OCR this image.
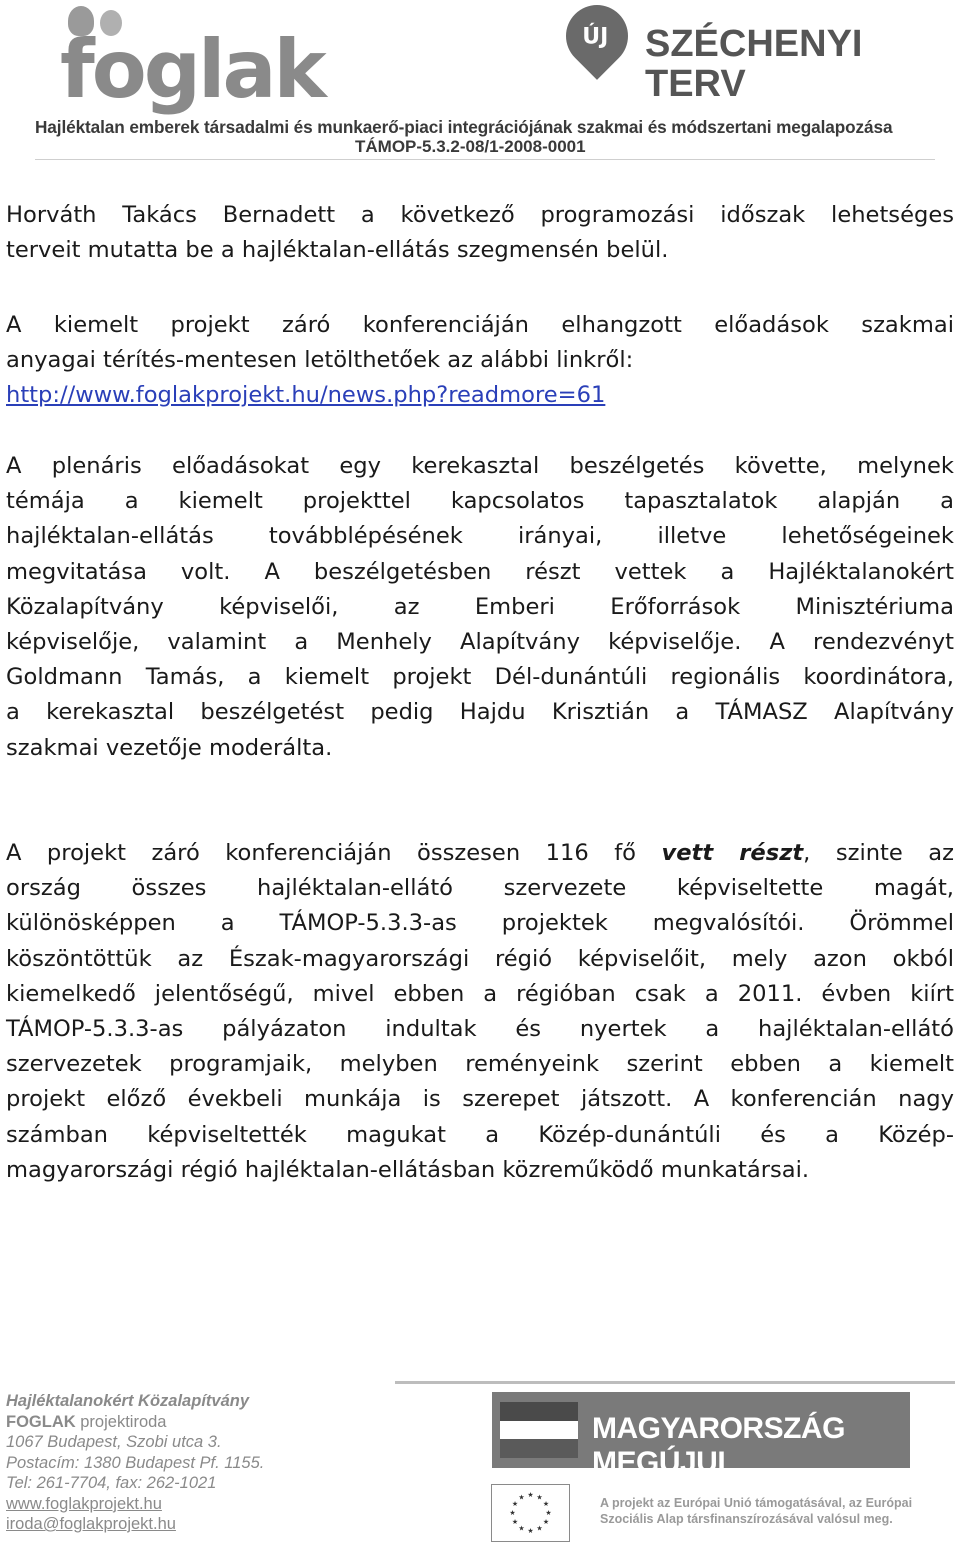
foglak	ÚJ SZÉCHENYI TERV
Hajléktalan emberek társadalmi és munkaerő-piaci integrációjának szakmai és módszertani megalapozása
TÁMOP-5.3.2-08/1-2008-0001
Horváth Takács Bernadett a következő programozási időszak lehetséges
terveit mutatta be a hajléktalan-ellátás szegmensén belül.
A kiemelt projekt záró konferenciáján elhangzott előadások szakmai
anyagai térítés-mentesen letölthetőek az alábbi linkről:
http://www.foglakprojekt.hu/news.php?readmore=61
A plenáris előadásokat egy kerekasztal beszélgetés követte, melynek
témája a kiemelt projekttel kapcsolatos tapasztalatok alapján a
hajléktalan-ellátás továbblépésének irányai, illetve lehetőségeinek
megvitatása volt. A beszélgetésben részt vettek a Hajléktalanokért
Közalapítvány képviselői, az Emberi Erőforrások Minisztériuma
képviselője, valamint a Menhely Alapítvány képviselője. A rendezvényt
Goldmann Tamás, a kiemelt projekt Dél-dunántúli regionális koordinátora,
a kerekasztal beszélgetést pedig Hajdu Krisztián a TÁMASZ Alapítvány
szakmai vezetője moderálta.
A projekt záró konferenciáján összesen 116 fő vett részt, szinte az
ország összes hajléktalan-ellátó szervezete képviseltette magát,
különösképpen a TÁMOP-5.3.3-as projektek megvalósítói. Örömmel
köszöntöttük az Észak-magyarországi régió képviselőit, mely azon okból
kiemelkedő jelentőségű, mivel ebben a régióban csak a 2011. évben kiírt
TÁMOP-5.3.3-as pályázaton indultak és nyertek a hajléktalan-ellátó
szervezetek programjaik, melyben reményeink szerint ebben a kiemelt
projekt előző évekbeli munkája is szerepet játszott. A konferencián nagy
számban képviseltették magukat a Közép-dunántúli és a Közép-
magyarországi régió hajléktalan-ellátásban közreműködő munkatársai.
Hajléktalanokért Közalapítvány
FOGLAK projektiroda
1067 Budapest, Szobi utca 3.
Postacím: 1380 Budapest Pf. 1155.
Tel: 261-7704, fax: 262-1021
www.foglakprojekt.hu
iroda@foglakprojekt.hu
MAGYARORSZÁG MEGÚJUL
★ ★
★
★
★
★
★
★
★
★
★
★	A projekt az Európai Unió támogatásával, az Európai
Szociális Alap társfinanszírozásával valósul meg.
